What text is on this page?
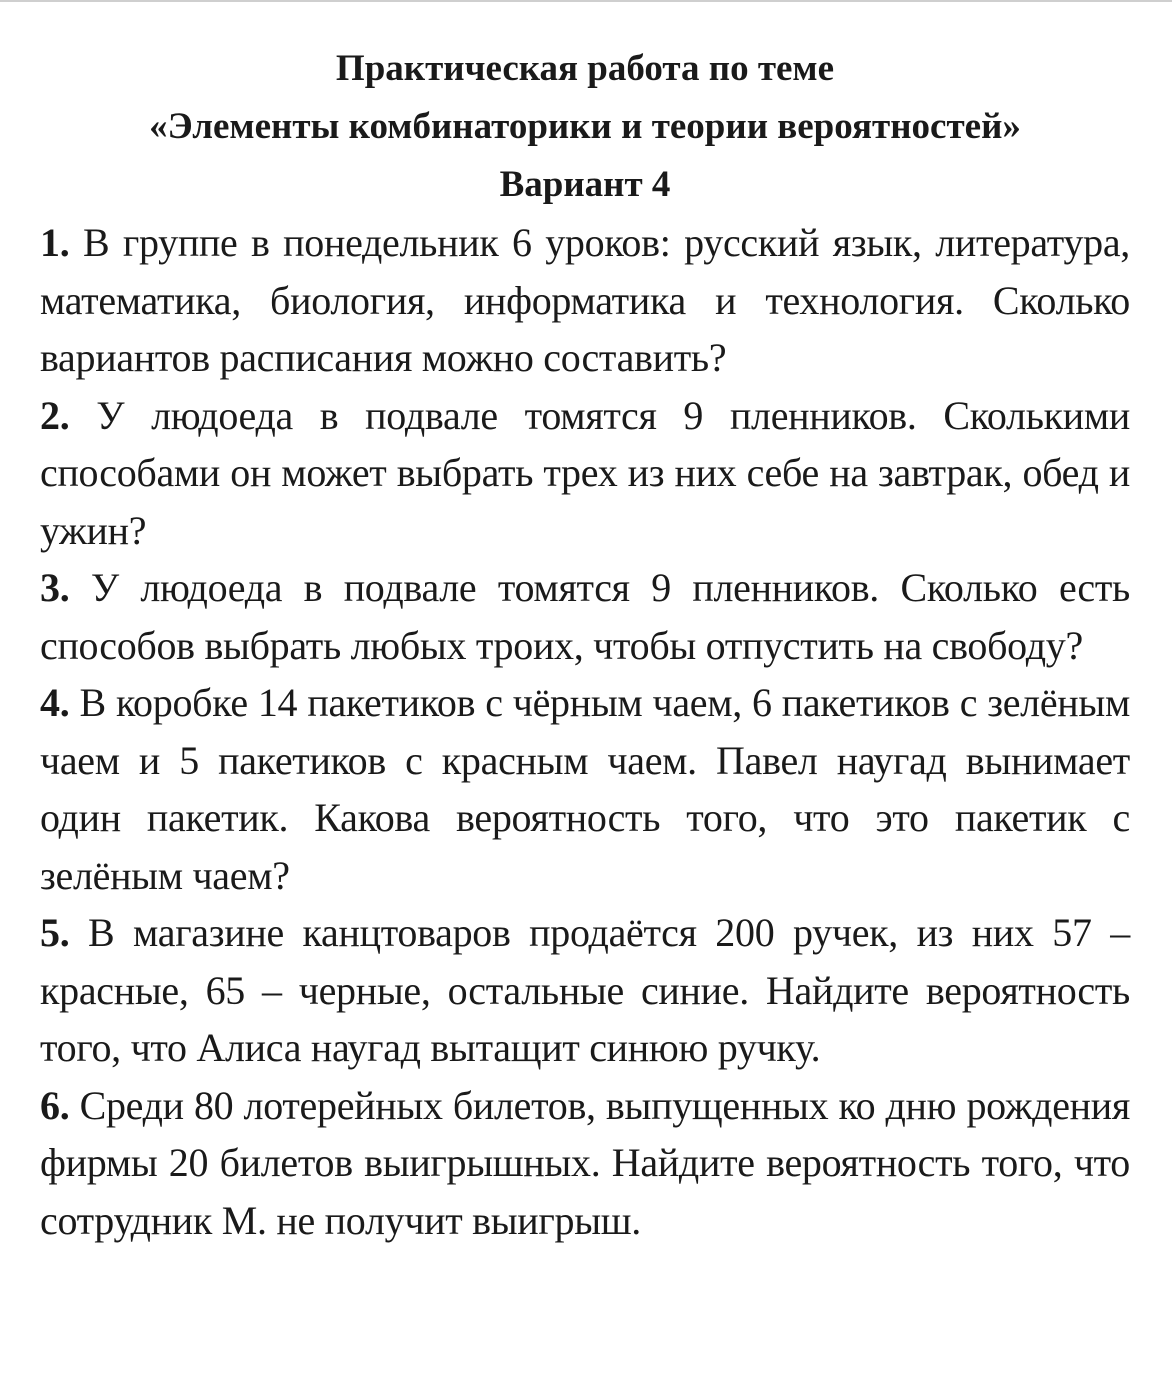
Практическая работа по теме

«Элементы комбинаторики и теории вероятностей»

Вариант 4

1. В группе в понедельник 6 уроков: русский язык, литература, математика, биология, информатика и технология. Сколько вариантов расписания можно составить?

2. У людоеда в подвале томятся 9 пленников. Сколькими способами он может выбрать трех из них себе на завтрак, обед и ужин?

3. У людоеда в подвале томятся 9 пленников. Сколько есть способов выбрать любых троих, чтобы отпустить на свободу?

4. В коробке 14 пакетиков с чёрным чаем, 6 пакетиков с зелёным чаем и 5 пакетиков с красным чаем. Павел наугад вынимает один пакетик. Какова вероятность того, что это пакетик с зелёным чаем?

5. В магазине канцтоваров продаётся 200 ручек, из них 57 – красные, 65 – черные, остальные синие. Найдите вероятность того, что Алиса наугад вытащит синюю ручку.

6. Среди 80 лотерейных билетов, выпущенных ко дню рождения фирмы 20 билетов выигрышных. Найдите вероятность того, что сотрудник М. не получит выигрыш.
